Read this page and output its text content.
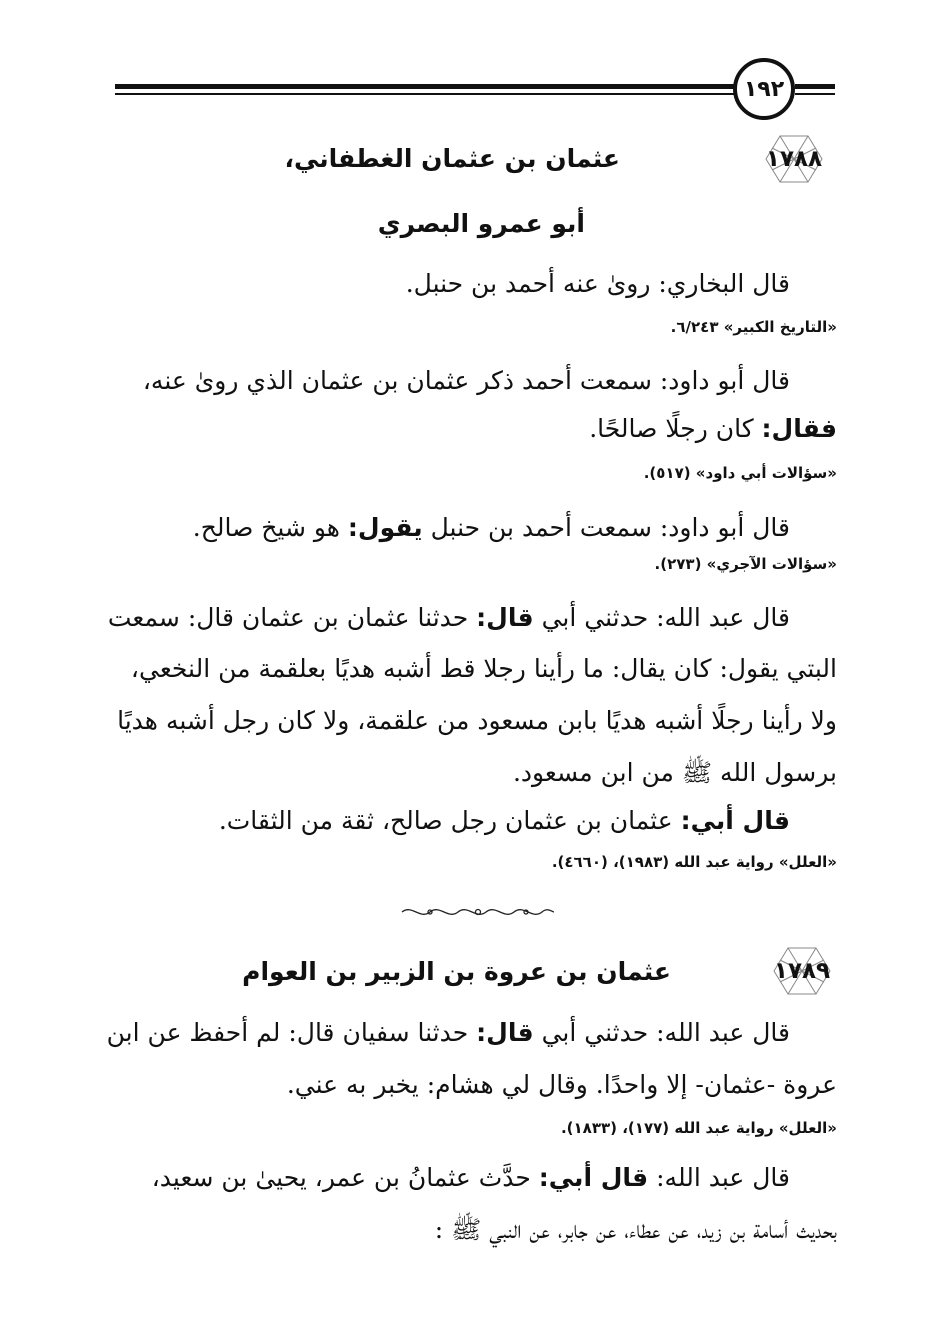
١٩٢
١٧٨٨
عثمان بن عثمان الغطفاني،
أبو عمرو البصري
قال البخاري: رویٰ عنه أحمد بن حنبل.
«التاريخ الكبير» ٦/٢٤٣.
قال أبو داود: سمعت أحمد ذكر عثمان بن عثمان الذي رویٰ عنه،
فقال: كان رجلًا صالحًا.
«سؤالات أبي داود» (٥١٧).
قال أبو داود: سمعت أحمد بن حنبل يقول: هو شيخ صالح.
«سؤالات الآجري» (٢٧٣).
قال عبد الله: حدثني أبي قال: حدثنا عثمان بن عثمان قال: سمعت
البتي يقول: كان يقال: ما رأينا رجلا قط أشبه هديًا بعلقمة من النخعي،
ولا رأينا رجلًا أشبه هديًا بابن مسعود من علقمة، ولا كان رجل أشبه هديًا
برسول الله ﷺ من ابن مسعود.
قال أبي: عثمان بن عثمان رجل صالح، ثقة من الثقات.
«العلل» رواية عبد الله (١٩٨٣)، (٤٦٦٠).
١٧٨٩
عثمان بن عروة بن الزبير بن العوام
قال عبد الله: حدثني أبي قال: حدثنا سفيان قال: لم أحفظ عن ابن
عروة -عثمان- إلا واحدًا. وقال لي هشام: يخبر به عني.
«العلل» رواية عبد الله (١٧٧)، (١٨٣٣).
قال عبد الله: قال أبي: حدَّث عثمانُ بن عمر، يحيىٰ بن سعيد،
بحديث أسامة بن زيد، عن عطاء، عن جابر، عن النبي ﷺ :
